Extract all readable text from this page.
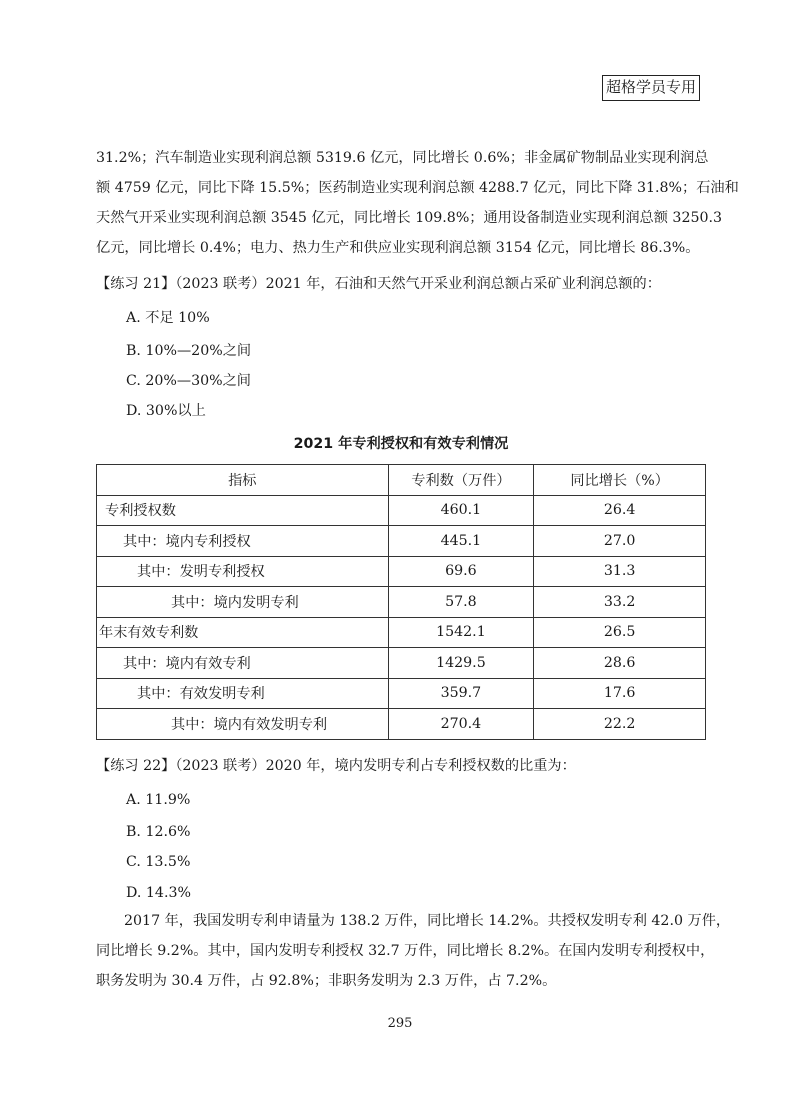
超格学员专用
31.2%；汽车制造业实现利润总额 5319.6 亿元，同比增长 0.6%；非金属矿物制品业实现利润总
额 4759 亿元，同比下降 15.5%；医药制造业实现利润总额 4288.7 亿元，同比下降 31.8%；石油和
天然气开采业实现利润总额 3545 亿元，同比增长 109.8%；通用设备制造业实现利润总额 3250.3
亿元，同比增长 0.4%；电力、热力生产和供应业实现利润总额 3154 亿元，同比增长 86.3%。

【练习 21】（2023 联考）2021 年，石油和天然气开采业利润总额占采矿业利润总额的：

A. 不足 10%

B. 10%—20%之间

C. 20%—30%之间

D. 30%以上

2021 年专利授权和有效专利情况
指标	专利数（万件）	同比增长（%）
专利授权数	460.1	26.4
其中：境内专利授权	445.1	27.0
其中：发明专利授权	69.6	31.3
其中：境内发明专利	57.8	33.2
年末有效专利数	1542.1	26.5
其中：境内有效专利	1429.5	28.6
其中：有效发明专利	359.7	17.6
其中：境内有效发明专利	270.4	22.2

【练习 22】（2023 联考）2020 年，境内发明专利占专利授权数的比重为：

A. 11.9%

B. 12.6%

C. 13.5%

D. 14.3%

2017 年，我国发明专利申请量为 138.2 万件，同比增长 14.2%。共授权发明专利 42.0 万件，
同比增长 9.2%。其中，国内发明专利授权 32.7 万件，同比增长 8.2%。在国内发明专利授权中，
职务发明为 30.4 万件，占 92.8%；非职务发明为 2.3 万件，占 7.2%。
295
